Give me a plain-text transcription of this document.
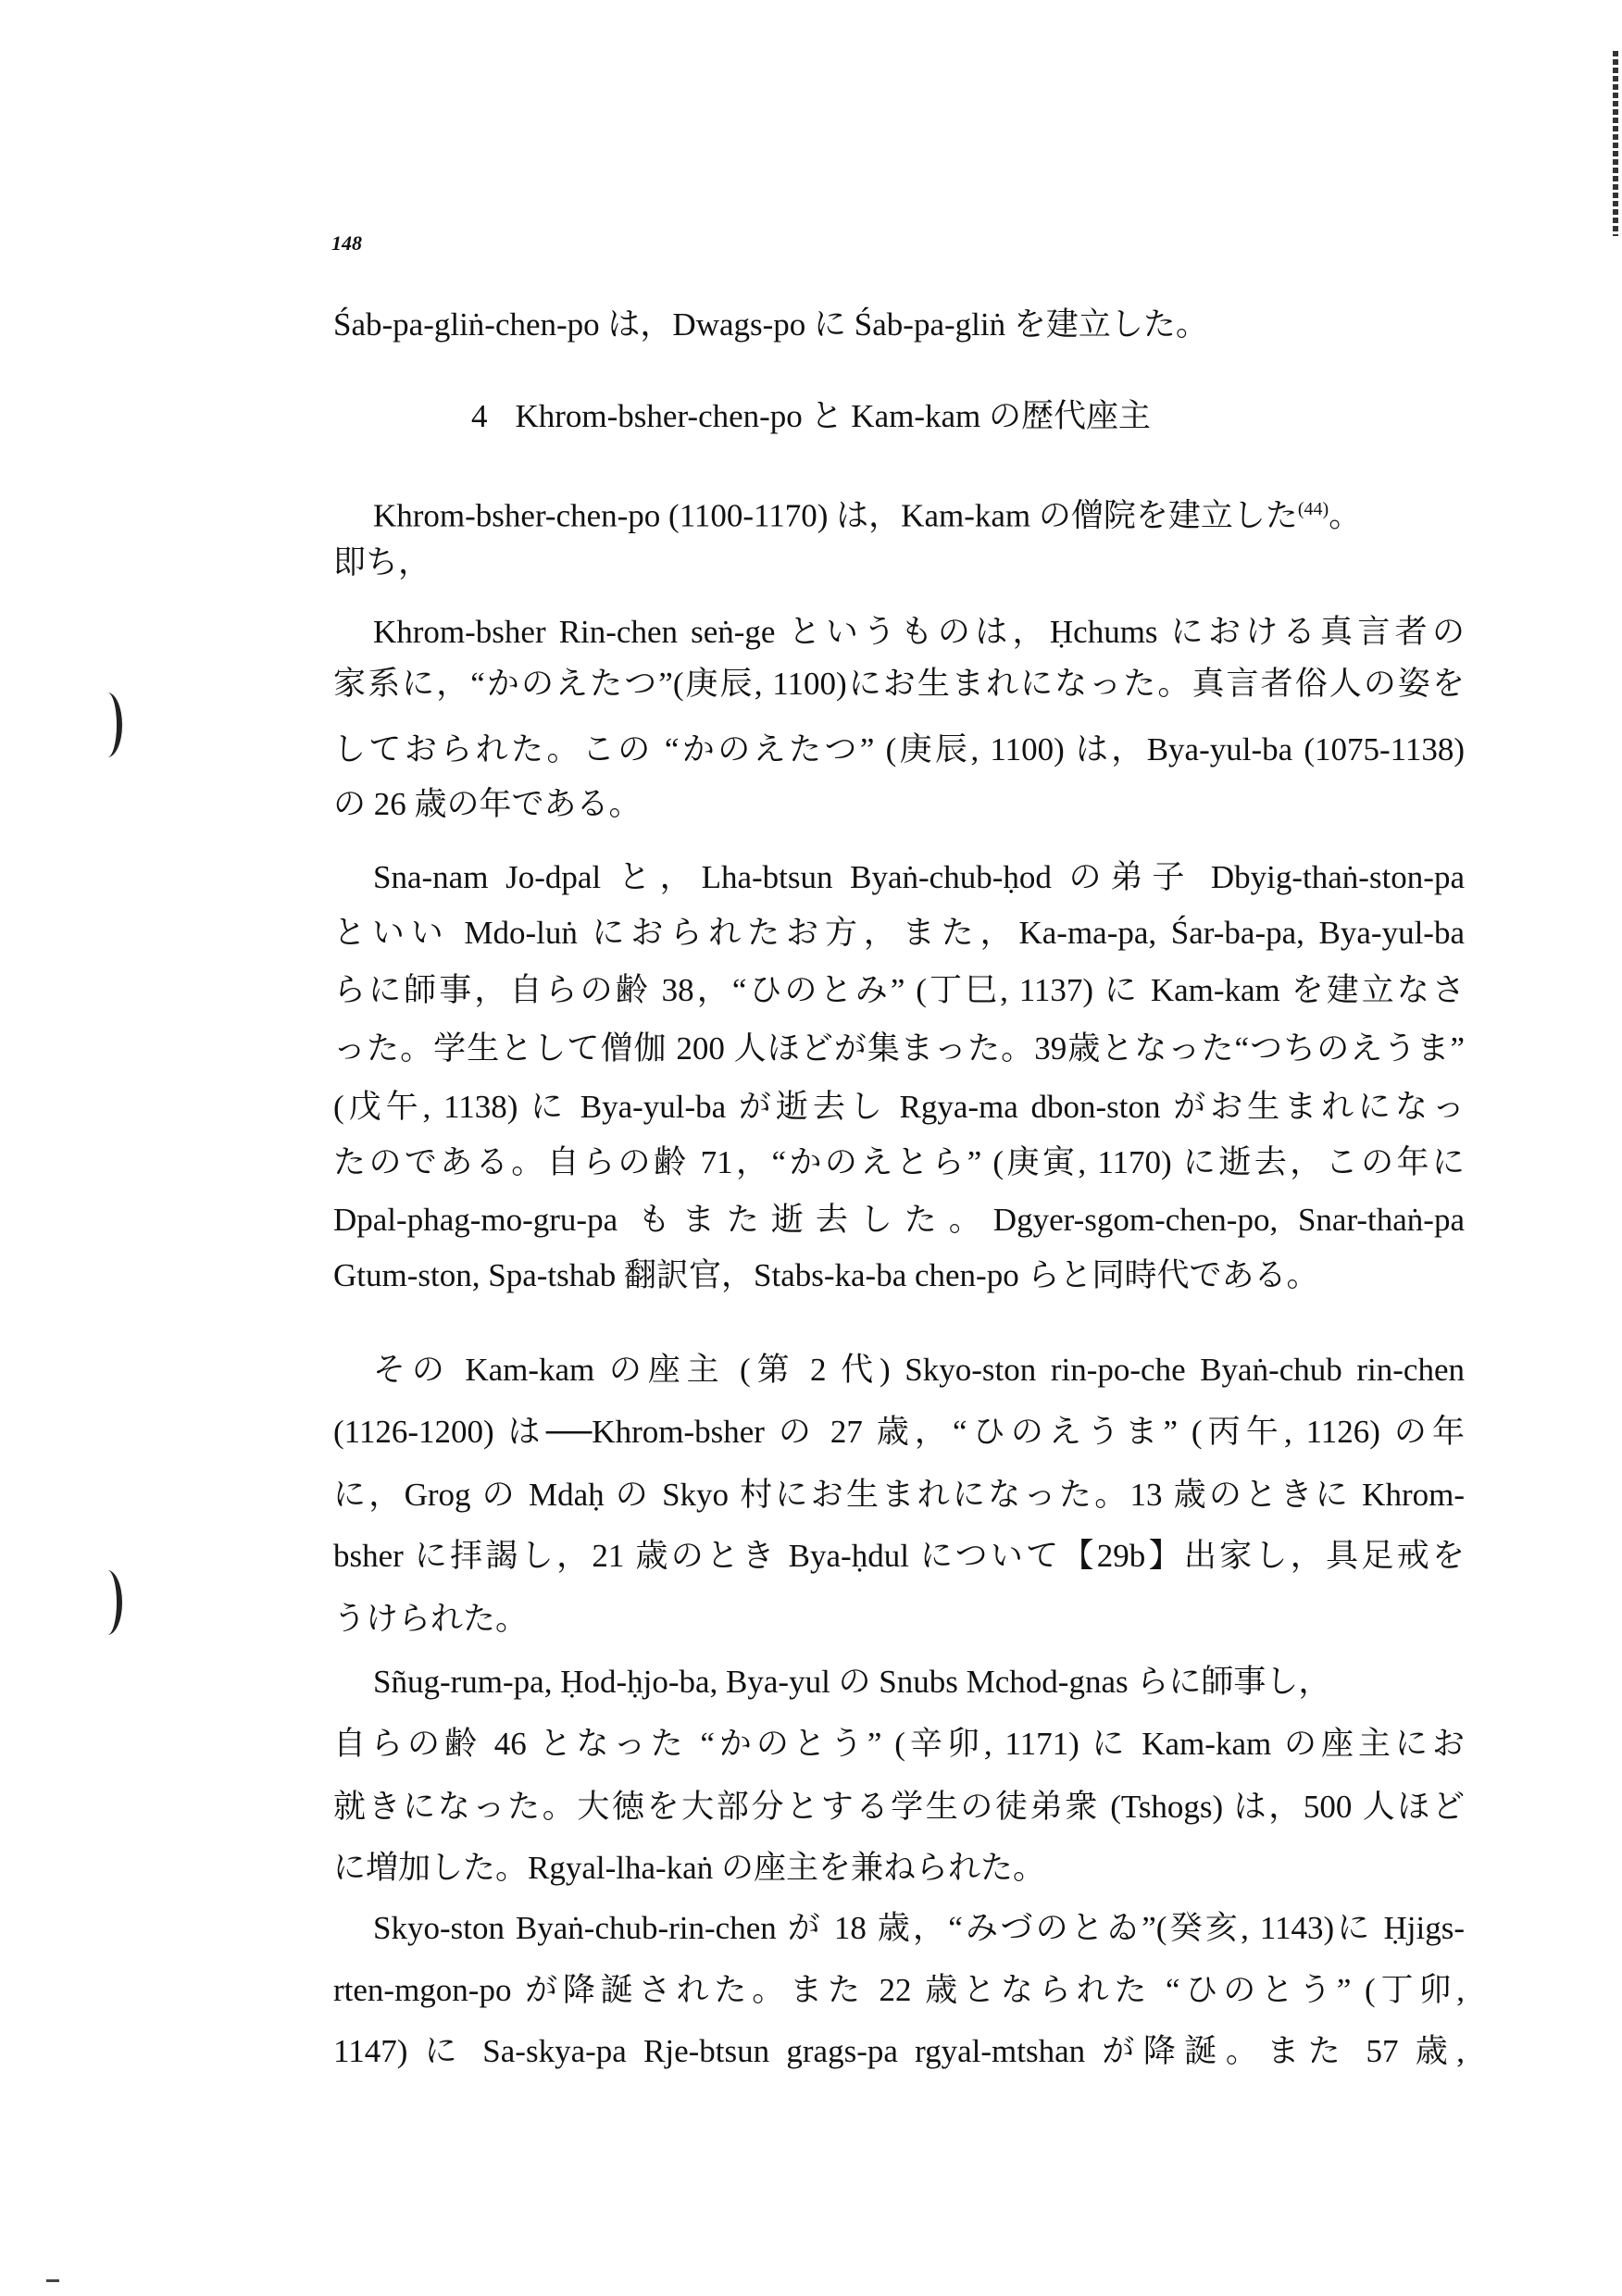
148
Śab-pa-gliṅ-chen-po は，Dwags-po に Śab-pa-gliṅ を建立した。
4 Khrom-bsher-chen-po と Kam-kam の歴代座主
Khrom-bsher-chen-po (1100-1170) は，Kam-kam の僧院を建立した$^{(44)}$。
即ち，
Khrom-bsher Rin-chen seṅ-ge というものは，Ḥchums における真言者の
家系に，“かのえたつ”(庚辰, 1100)にお生まれになった。真言者俗人の姿を
しておられた。この “かのえたつ” (庚辰, 1100) は，Bya-yul-ba (1075-1138)
の 26 歳の年である。
Sna-nam Jo-dpal と，Lha-btsun Byaṅ-chub-ḥod の弟子 Dbyig-thaṅ-ston-pa
といい Mdo-luṅ におられたお方，また，Ka-ma-pa, Śar-ba-pa, Bya-yul-ba
らに師事，自らの齢 38，“ひのとみ” (丁巳, 1137) に Kam-kam を建立なさ
った。学生として僧伽 200 人ほどが集まった。39歳となった“つちのえうま”
(戊午, 1138) に Bya-yul-ba が逝去し Rgya-ma dbon-ston がお生まれになっ
たのである。自らの齢 71，“かのえとら” (庚寅, 1170) に逝去，この年に
Dpal-phag-mo-gru-pa もまた逝去した。Dgyer-sgom-chen-po, Snar-thaṅ-pa
Gtum-ston, Spa-tshab 翻訳官，Stabs-ka-ba chen-po らと同時代である。
その Kam-kam の座主 (第 2 代) Skyo-ston rin-po-che Byaṅ-chub rin-chen
(1126-1200) は──Khrom-bsher の 27 歳，“ひのえうま” (丙午, 1126) の年
に，Grog の Mdaḥ の Skyo 村にお生まれになった。13 歳のときに Khrom-
bsher に拝謁し，21 歳のとき Bya-ḥdul について【29b】出家し，具足戒を
うけられた。
Sñug-rum-pa, Ḥod-ḥjo-ba, Bya-yul の Snubs Mchod-gnas らに師事し，
自らの齢 46 となった “かのとう” (辛卯, 1171) に Kam-kam の座主にお
就きになった。大徳を大部分とする学生の徒弟衆 (Tshogs) は，500 人ほど
に増加した。Rgyal-lha-kaṅ の座主を兼ねられた。
Skyo-ston Byaṅ-chub-rin-chen が 18 歳，“みづのとゐ”(癸亥, 1143)に Ḥjigs-
rten-mgon-po が降誕された。また 22 歳となられた “ひのとう” (丁卯,
1147) に Sa-skya-pa Rje-btsun grags-pa rgyal-mtshan が降誕。また 57 歳,
